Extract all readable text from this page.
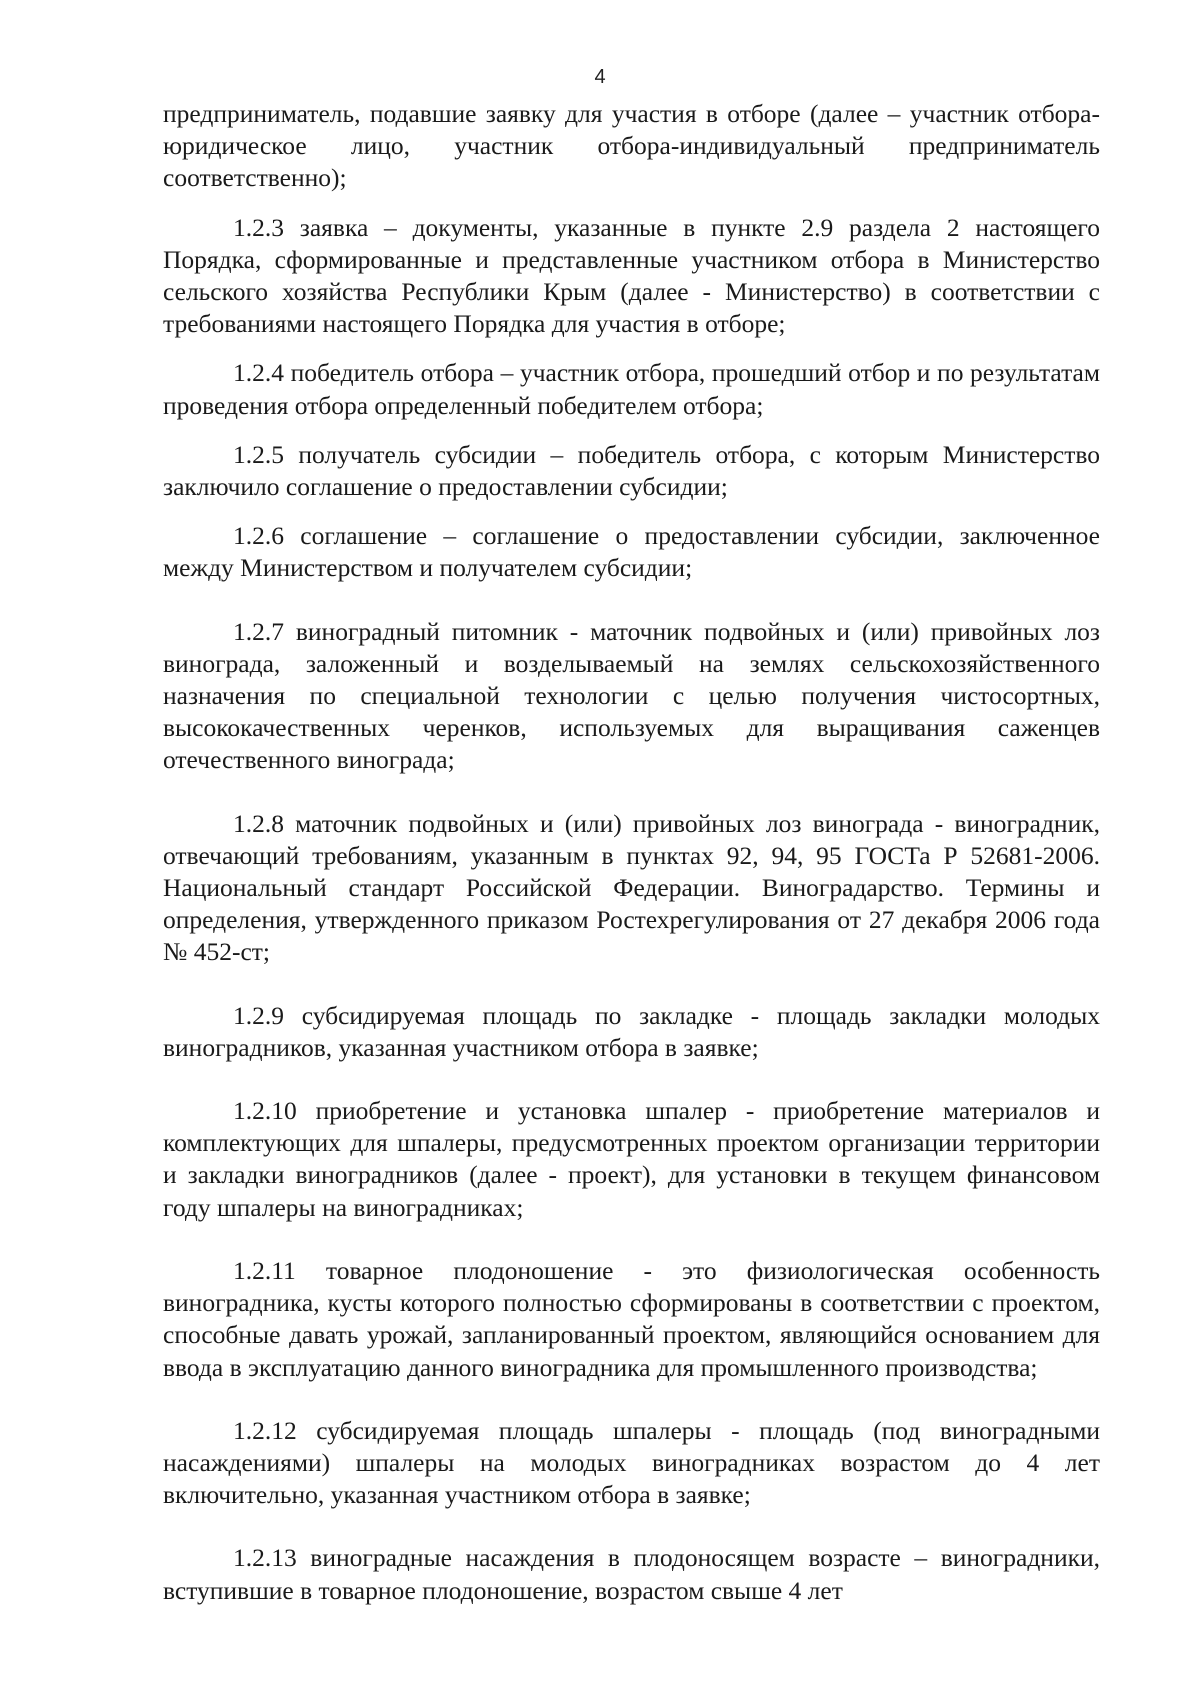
4

предприниматель, подавшие заявку для участия в отборе (далее – участник отбора-юридическое лицо, участник отбора-индивидуальный предприниматель соответственно);

1.2.3 заявка – документы, указанные в пункте 2.9 раздела 2 настоящего Порядка, сформированные и представленные участником отбора в Министерство сельского хозяйства Республики Крым (далее - Министерство) в соответствии с требованиями настоящего Порядка для участия в отборе;

1.2.4 победитель отбора – участник отбора, прошедший отбор и по результатам проведения отбора определенный победителем отбора;

1.2.5 получатель субсидии – победитель отбора, с которым Министерство заключило соглашение о предоставлении субсидии;

1.2.6 соглашение – соглашение о предоставлении субсидии, заключенное между Министерством и получателем субсидии;

1.2.7 виноградный питомник - маточник подвойных и (или) привойных лоз винограда, заложенный и возделываемый на землях сельскохозяйственного назначения по специальной технологии с целью получения чистосортных, высококачественных черенков, используемых для выращивания саженцев отечественного винограда;

1.2.8 маточник подвойных и (или) привойных лоз винограда - виноградник, отвечающий требованиям, указанным в пунктах 92, 94, 95 ГОСТа Р 52681-2006. Национальный стандарт Российской Федерации. Виноградарство. Термины и определения, утвержденного приказом Ростехрегулирования от 27 декабря 2006 года № 452-ст;

1.2.9 субсидируемая площадь по закладке - площадь закладки молодых виноградников, указанная участником отбора в заявке;

1.2.10 приобретение и установка шпалер - приобретение материалов и комплектующих для шпалеры, предусмотренных проектом организации территории и закладки виноградников (далее - проект), для установки в текущем финансовом году шпалеры на виноградниках;

1.2.11 товарное плодоношение - это физиологическая особенность виноградника, кусты которого полностью сформированы в соответствии с проектом, способные давать урожай, запланированный проектом, являющийся основанием для ввода в эксплуатацию данного виноградника для промышленного производства;

1.2.12 субсидируемая площадь шпалеры - площадь (под виноградными насаждениями) шпалеры на молодых виноградниках возрастом до 4 лет включительно, указанная участником отбора в заявке;

1.2.13 виноградные насаждения в плодоносящем возрасте – виноградники, вступившие в товарное плодоношение, возрастом свыше 4 лет
